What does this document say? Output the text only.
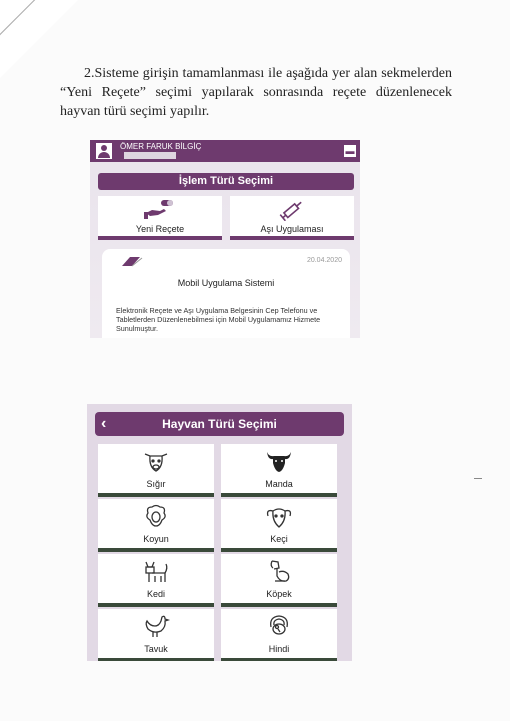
2.Sisteme girişin tamamlanması ile aşağıda yer alan sekmelerden “Yeni Reçete” seçimi yapılarak sonrasında reçete düzenlenecek hayvan türü seçimi yapılır.
ÖMER FARUK BİLGİÇ	▬
İşlem Türü Seçimi
Yeni Reçete	Aşı Uygulaması
20.04.2020
Mobil Uygulama Sistemi
Elektronik Reçete ve Aşı Uygulama Belgesinin Cep Telefonu ve Tabletlerden Düzenlenebilmesi için Mobil Uygulamamız Hizmete Sunulmuştur.
‹	Hayvan Türü Seçimi
Sığır	Manda
Koyun	Keçi
Kedi	Köpek
Tavuk	Hindi
